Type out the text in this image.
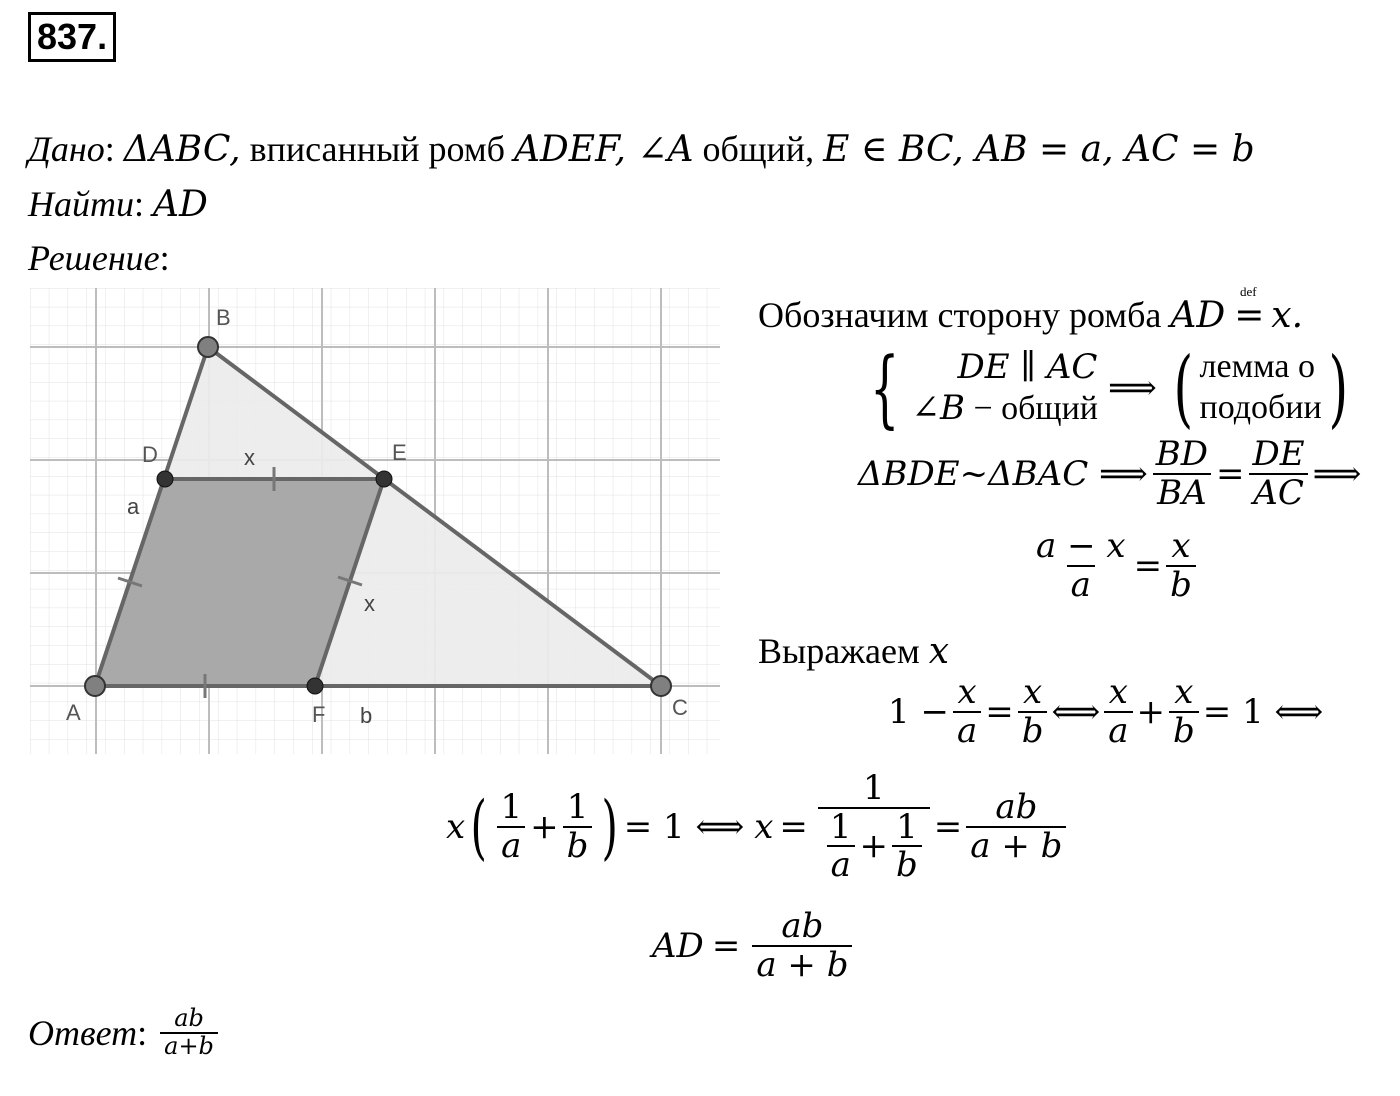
837.
Дано: ΔABC, вписанный ромб ADEF, ∠A общий, E ∈ BC, AB = a, AC = b
Найти: AD
Решение:
B
D	E
A	F	C
a
x
x
b
Обозначим сторону ромба AD
def
= x.
{	DE ∥ AC
∠B − общий ⟹ ( лемма о
подобии )
ΔBDE~ΔBAC ⟹ $\frac{BD}{BA} = \frac{DE}{AC}$ ⟹
$\frac{a - x}{a} = \frac{x}{b}$
Выражаем x
$1 - \frac{x}{a} = \frac{x}{b}$ ⟺ $\frac{x}{a} + \frac{x}{b} = 1$ ⟺
x ( $\frac{1}{a} + \frac{1}{b}$ ) = 1 ⟺ $x = \frac{1}{\frac{1}{a} + \frac{1}{b}} = \frac{ab}{a + b}$
AD = $\frac{ab}{a + b}$
Ответ : $\frac{ab}{a+b}$
